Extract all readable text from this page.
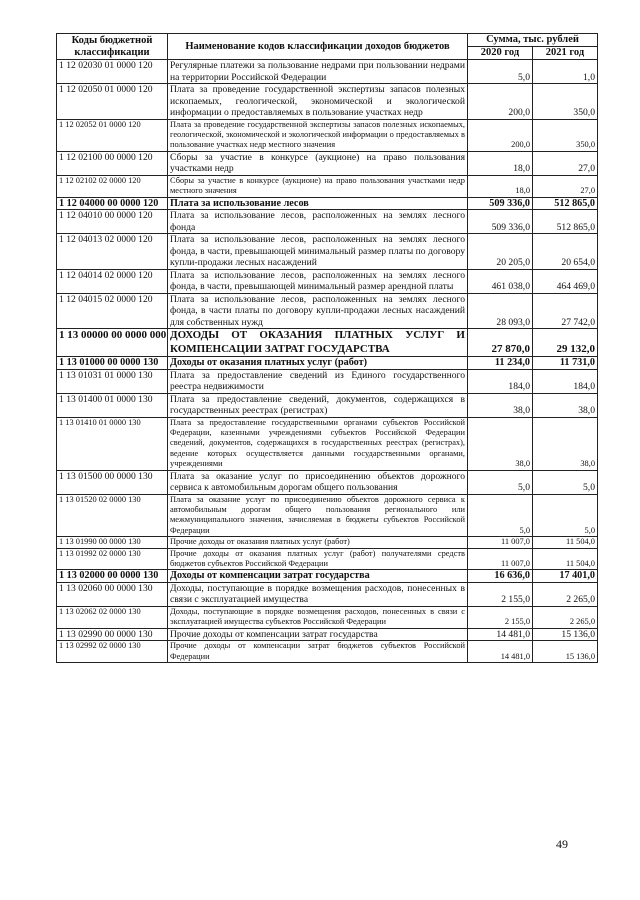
Коды бюджетной классификации	Наименование кодов классификации доходов бюджетов	Сумма, тыс. рублей	
		2020 год	2021 год
1 12 02030 01 0000 120	Регулярные платежи за пользование недрами при пользовании недрами на территории Российской Федерации	5,0	1,0
1 12 02050 01 0000 120	Плата за проведение государственной экспертизы запасов полезных ископаемых, геологической, экономической и экологической информации о предоставляемых в пользование участках недр	200,0	350,0
1 12 02052 01 0000 120	Плата за проведение государственной экспертизы запасов полезных ископаемых, геологической, экономической и экологической информации о предоставляемых в пользование участках недр местного значения	200,0	350,0
1 12 02100 00 0000 120	Сборы за участие в конкурсе (аукционе) на право пользования участками недр	18,0	27,0
1 12 02102 02 0000 120	Сборы за участие в конкурсе (аукционе) на право пользования участками недр местного значения	18,0	27,0
1 12 04000 00 0000 120	Плата за использование лесов	509 336,0	512 865,0
1 12 04010 00 0000 120	Плата за использование лесов, расположенных на землях лесного фонда	509 336,0	512 865,0
1 12 04013 02 0000 120	Плата за использование лесов, расположенных на землях лесного фонда, в части, превышающей минимальный размер платы по договору купли-продажи лесных насаждений	20 205,0	20 654,0
1 12 04014 02 0000 120	Плата за использование лесов, расположенных на землях лесного фонда, в части, превышающей минимальный размер арендной платы	461 038,0	464 469,0
1 12 04015 02 0000 120	Плата за использование лесов, расположенных на землях лесного фонда, в части платы по договору купли-продажи лесных насаждений для собственных нужд	28 093,0	27 742,0
1 13 00000 00 0000 000	ДОХОДЫ ОТ ОКАЗАНИЯ ПЛАТНЫХ УСЛУГ И КОМПЕНСАЦИИ ЗАТРАТ ГОСУДАРСТВА	27 870,0	29 132,0
1 13 01000 00 0000 130	Доходы от оказания платных услуг (работ)	11 234,0	11 731,0
1 13 01031 01 0000 130	Плата за предоставление сведений из Единого государственного реестра недвижимости	184,0	184,0
1 13 01400 01 0000 130	Плата за предоставление сведений, документов, содержащихся в государственных реестрах (регистрах)	38,0	38,0
1 13 01410 01 0000 130	Плата за предоставление государственными органами субъектов Российской Федерации, казенными учреждениями субъектов Российской Федерации сведений, документов, содержащихся в государственных реестрах (регистрах), ведение которых осуществляется данными государственными органами, учреждениями	38,0	38,0
1 13 01500 00 0000 130	Плата за оказание услуг по присоединению объектов дорожного сервиса к автомобильным дорогам общего пользования	5,0	5,0
1 13 01520 02 0000 130	Плата за оказание услуг по присоединению объектов дорожного сервиса к автомобильным дорогам общего пользования регионального или межмуниципального значения, зачисляемая в бюджеты субъектов Российской Федерации	5,0	5,0
1 13 01990 00 0000 130	Прочие доходы от оказания платных услуг (работ)	11 007,0	11 504,0
1 13 01992 02 0000 130	Прочие доходы от оказания платных услуг (работ) получателями средств бюджетов субъектов Российской Федерации	11 007,0	11 504,0
1 13 02000 00 0000 130	Доходы от компенсации затрат государства	16 636,0	17 401,0
1 13 02060 00 0000 130	Доходы, поступающие в порядке возмещения расходов, понесенных в связи с эксплуатацией имущества	2 155,0	2 265,0
1 13 02062 02 0000 130	Доходы, поступающие в порядке возмещения расходов, понесенных в связи с эксплуатацией имущества субъектов Российской Федерации	2 155,0	2 265,0
1 13 02990 00 0000 130	Прочие доходы от компенсации затрат государства	14 481,0	15 136,0
1 13 02992 02 0000 130	Прочие доходы от компенсации затрат бюджетов субъектов Российской Федерации	14 481,0	15 136,0
49
